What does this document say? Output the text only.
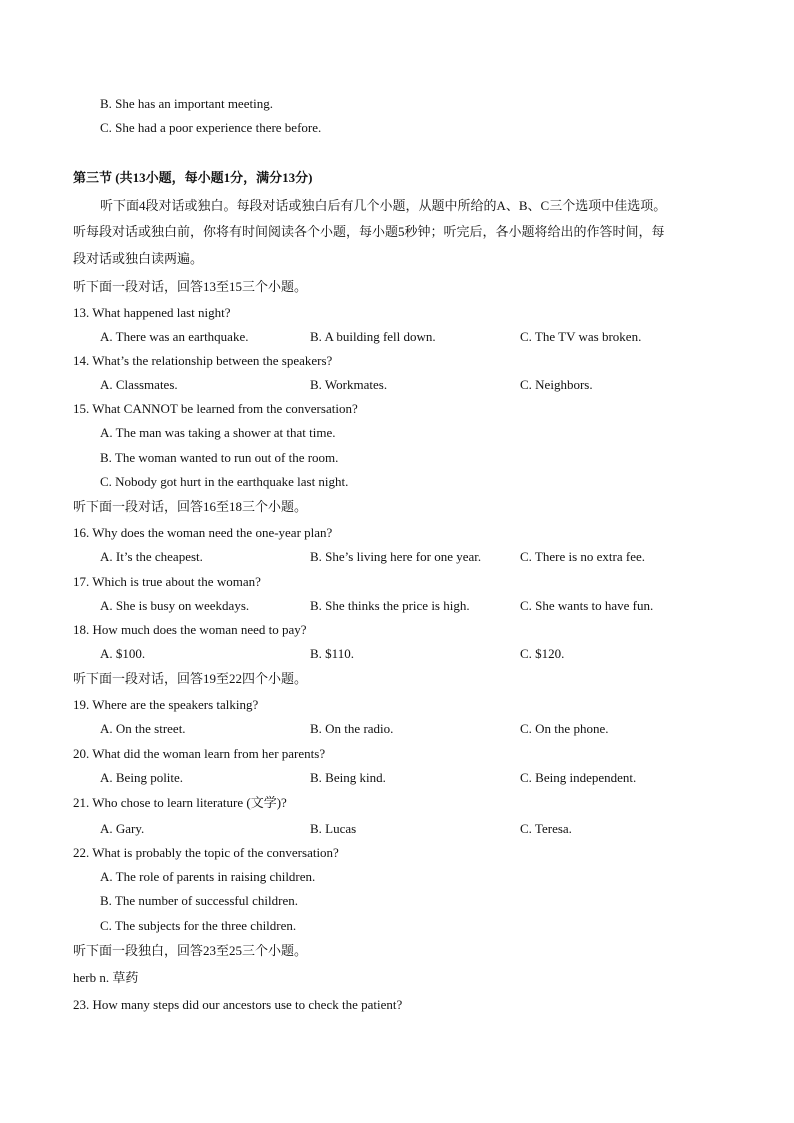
B. She has an important meeting.
C. She had a poor experience there before.
第三节 (共13小题，每小题1分，满分13分)
听下面4段对话或独白。每段对话或独白后有几个小题，从题中所给的A、B、C三个选项中佳选项。
听每段对话或独白前，你将有时间阅读各个小题，每小题5秒钟；听完后，各小题将给出的作答时间，每
段对话或独白读两遍。
听下面一段对话，回答13至15三个小题。
13. What happened last night?
A. There was an earthquake.	B. A building fell down.	C. The TV was broken.
14. What’s the relationship between the speakers?
A. Classmates.	B. Workmates.	C. Neighbors.
15. What CANNOT be learned from the conversation?
A. The man was taking a shower at that time.
B. The woman wanted to run out of the room.
C. Nobody got hurt in the earthquake last night.
听下面一段对话，回答16至18三个小题。
16. Why does the woman need the one-year plan?
A. It’s the cheapest.	B. She’s living here for one year.	C. There is no extra fee.
17. Which is true about the woman?
A. She is busy on weekdays.	B. She thinks the price is high.	C. She wants to have fun.
18. How much does the woman need to pay?
A. $100.	B. $110.	C. $120.
听下面一段对话，回答19至22四个小题。
19. Where are the speakers talking?
A. On the street.	B. On the radio.	C. On the phone.
20. What did the woman learn from her parents?
A. Being polite.	B. Being kind.	C. Being independent.
21. Who chose to learn literature (文学)?
A. Gary.	B. Lucas	C. Teresa.
22. What is probably the topic of the conversation?
A. The role of parents in raising children.
B. The number of successful children.
C. The subjects for the three children.
听下面一段独白，回答23至25三个小题。
herb n. 草药
23. How many steps did our ancestors use to check the patient?
